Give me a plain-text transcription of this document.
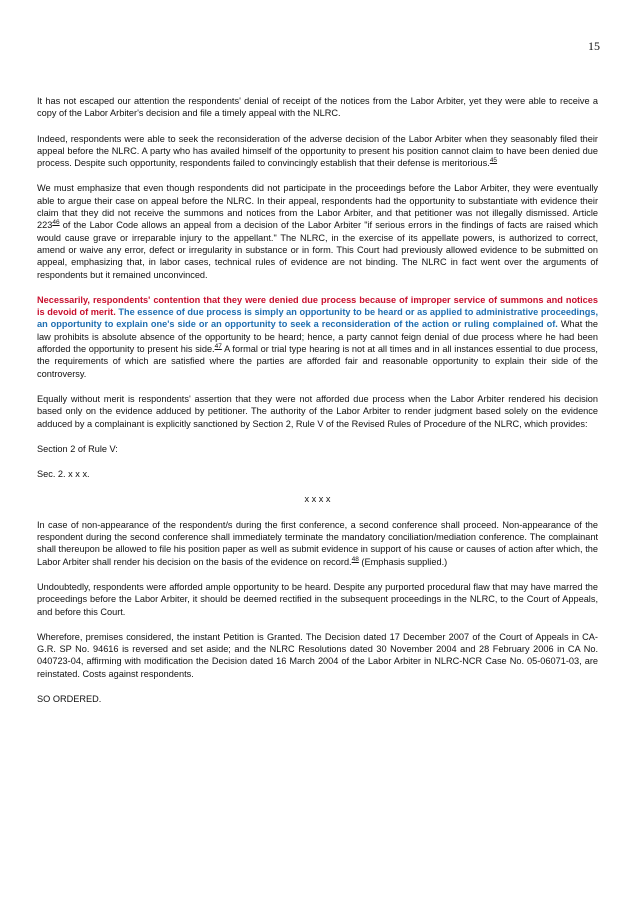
15

It has not escaped our attention the respondents' denial of receipt of the notices from the Labor Arbiter, yet they were able to receive a copy of the Labor Arbiter's decision and file a timely appeal with the NLRC.

Indeed, respondents were able to seek the reconsideration of the adverse decision of the Labor Arbiter when they seasonably filed their appeal before the NLRC. A party who has availed himself of the opportunity to present his position cannot claim to have been denied due process. Despite such opportunity, respondents failed to convincingly establish that their defense is meritorious.$^{45}$

We must emphasize that even though respondents did not participate in the proceedings before the Labor Arbiter, they were eventually able to argue their case on appeal before the NLRC. In their appeal, respondents had the opportunity to substantiate with evidence their claim that they did not receive the summons and notices from the Labor Arbiter, and that petitioner was not illegally dismissed. Article $223^{46}$ of the Labor Code allows an appeal from a decision of the Labor Arbiter "if serious errors in the findings of facts are raised which would cause grave or irreparable injury to the appellant." The NLRC, in the exercise of its appellate powers, is authorized to correct, amend or waive any error, defect or irregularity in substance or in form. This Court had previously allowed evidence to be submitted on appeal, emphasizing that, in labor cases, technical rules of evidence are not binding. The NLRC in fact went over the arguments of respondents but it remained unconvinced.

Necessarily, respondents' contention that they were denied due process because of improper service of summons and notices is devoid of merit. The essence of due process is simply an opportunity to be heard or as applied to administrative proceedings, an opportunity to explain one's side or an opportunity to seek a reconsideration of the action or ruling complained of. What the law prohibits is absolute absence of the opportunity to be heard; hence, a party cannot feign denial of due process where he had been afforded the opportunity to present his side.$^{47}$ A formal or trial type hearing is not at all times and in all instances essential to due process, the requirements of which are satisfied where the parties are afforded fair and reasonable opportunity to explain their side of the controversy.

Equally without merit is respondents' assertion that they were not afforded due process when the Labor Arbiter rendered his decision based only on the evidence adduced by petitioner. The authority of the Labor Arbiter to render judgment based solely on the evidence adduced by a complainant is explicitly sanctioned by Section 2, Rule V of the Revised Rules of Procedure of the NLRC, which provides:

Section 2 of Rule V:

Sec. 2. x x x.

x x x x

In case of non-appearance of the respondent/s during the first conference, a second conference shall proceed. Non-appearance of the respondent during the second conference shall immediately terminate the mandatory conciliation/mediation conference. The complainant shall thereupon be allowed to file his position paper as well as submit evidence in support of his cause or causes of action after which, the Labor Arbiter shall render his decision on the basis of the evidence on record.$^{48}$ (Emphasis supplied.)

Undoubtedly, respondents were afforded ample opportunity to be heard. Despite any purported procedural flaw that may have marred the proceedings before the Labor Arbiter, it should be deemed rectified in the subsequent proceedings in the NLRC, to the Court of Appeals, and before this Court.

Wherefore, premises considered, the instant Petition is Granted. The Decision dated 17 December 2007 of the Court of Appeals in CA-G.R. SP No. 94616 is reversed and set aside; and the NLRC Resolutions dated 30 November 2004 and 28 February 2006 in CA No. 040723-04, affirming with modification the Decision dated 16 March 2004 of the Labor Arbiter in NLRC-NCR Case No. 05-06071-03, are reinstated. Costs against respondents.

SO ORDERED.
